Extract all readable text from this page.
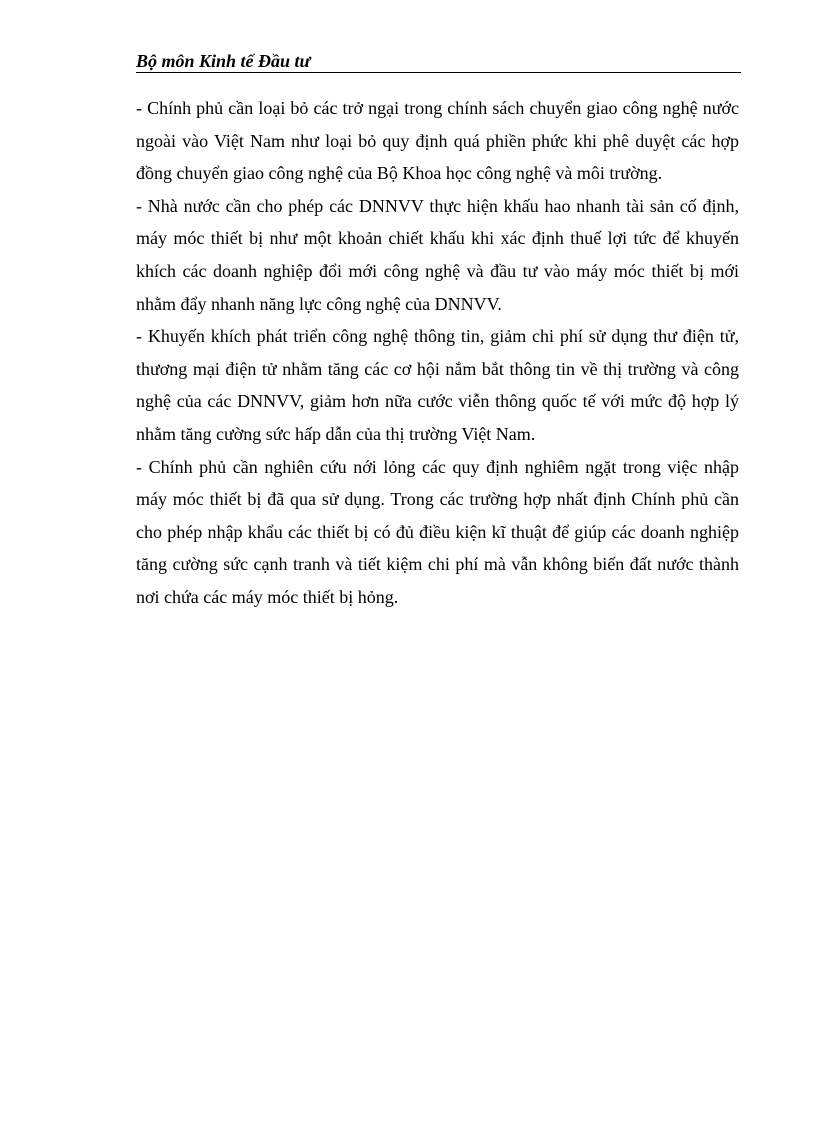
Bộ môn Kinh tế Đầu tư

- Chính phủ cần loại bỏ các trở ngại trong chính sách chuyển giao công nghệ nước ngoài vào Việt Nam như loại bỏ quy định quá phiền phức khi phê duyệt các hợp đồng chuyển giao công nghệ của Bộ Khoa học công nghệ và môi trường.

- Nhà nước cần cho phép các DNNVV thực hiện khấu hao nhanh tài sản cố định, máy móc thiết bị như một khoản chiết khấu khi xác định thuế lợi tức để khuyến khích các doanh nghiệp đổi mới công nghệ và đầu tư vào máy móc thiết bị mới nhằm đẩy nhanh năng lực công nghệ của DNNVV.

- Khuyến khích phát triển công nghệ thông tin, giảm chi phí sử dụng thư điện tử, thương mại điện tử nhằm tăng các cơ hội nắm bắt thông tin về thị trường và công nghệ của các DNNVV, giảm hơn nữa cước viễn thông quốc tế với mức độ hợp lý nhằm tăng cường sức hấp dẫn của thị trường Việt Nam.

- Chính phủ cần nghiên cứu nới lỏng các quy định nghiêm ngặt trong việc nhập máy móc thiết bị đã qua sử dụng. Trong các trường hợp nhất định Chính phủ cần cho phép nhập khẩu các thiết bị có đủ điều kiện kĩ thuật để giúp các doanh nghiệp tăng cường sức cạnh tranh và tiết kiệm chi phí mà vẫn không biến đất nước thành nơi chứa các máy móc thiết bị hỏng.
